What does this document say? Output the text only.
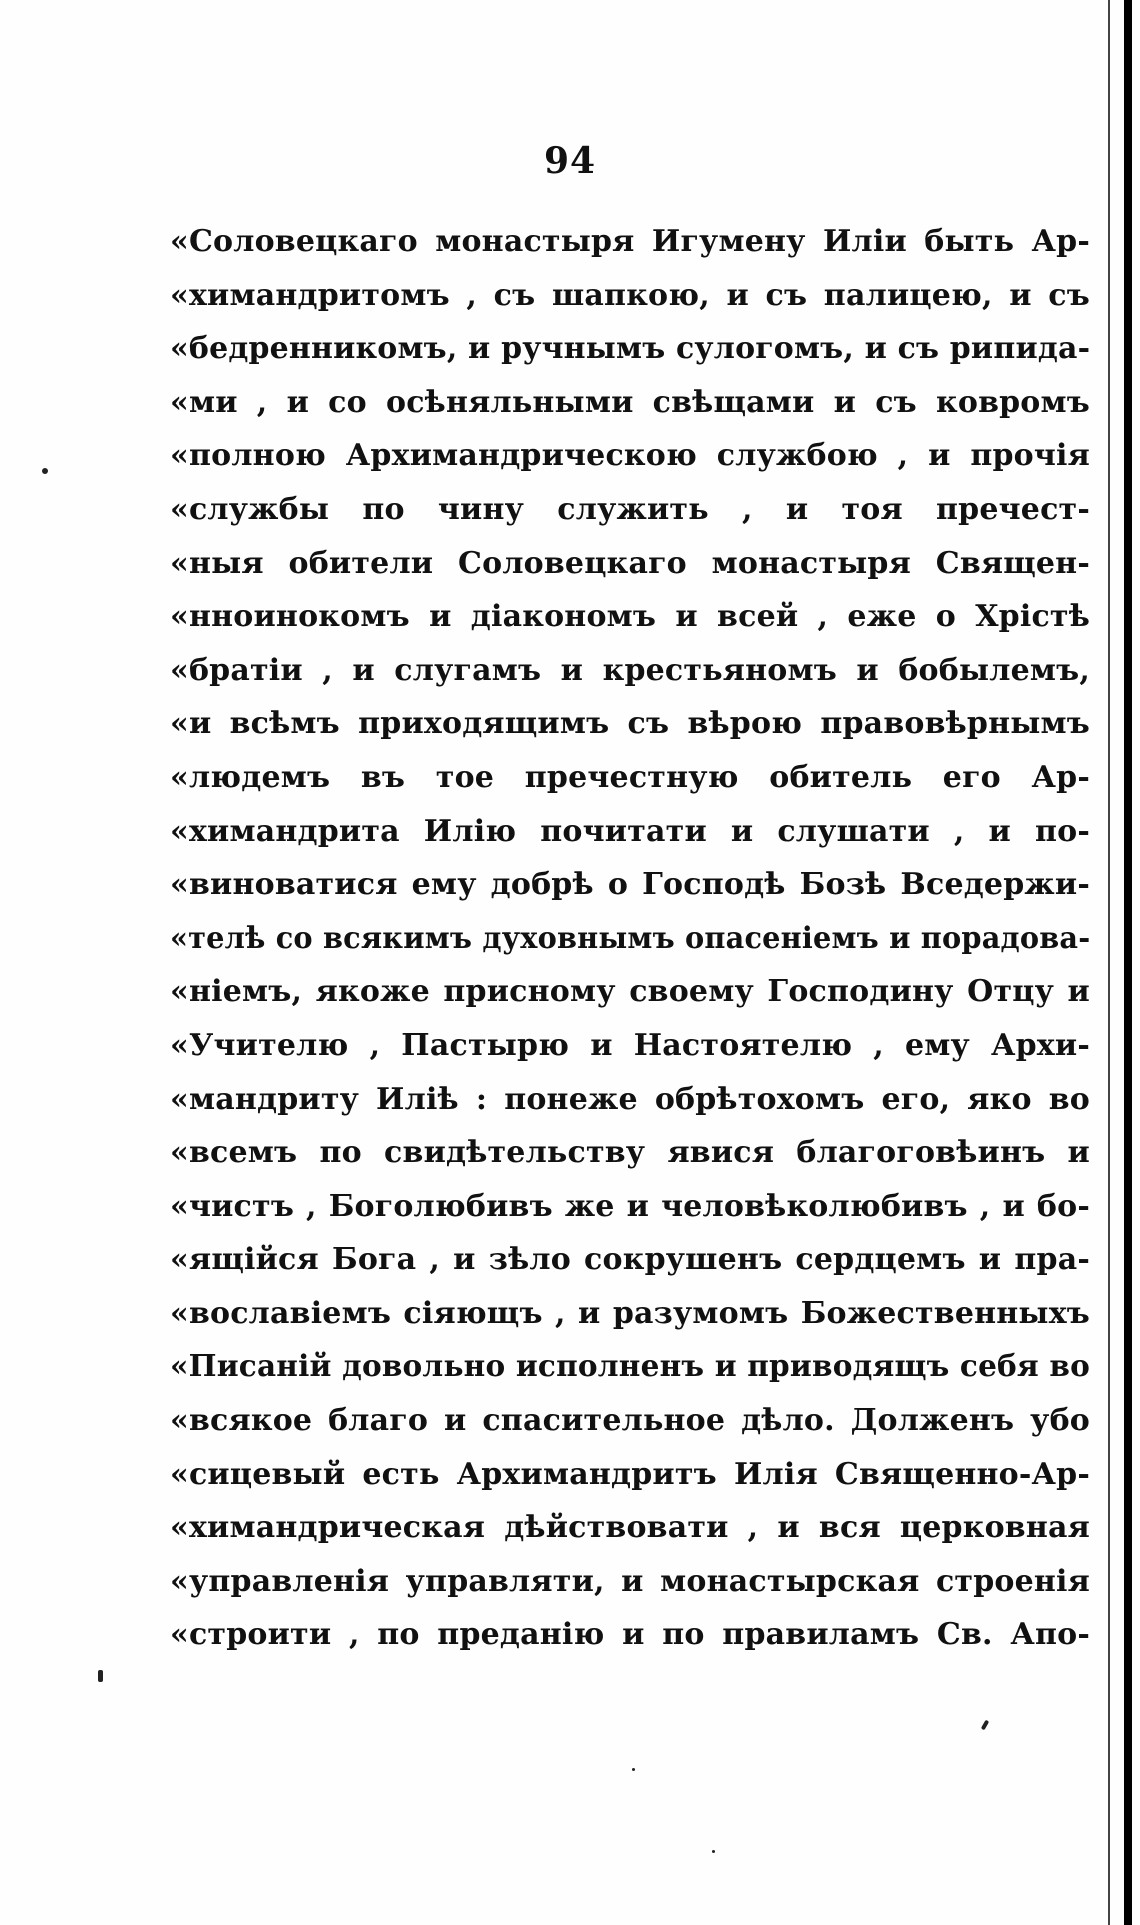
94
«Соловецкаго монастыря Игумену Иліи быть Ар-
«химандритомъ , съ шапкою, и съ палицею, и съ
«бедренникомъ, и ручнымъ сулогомъ, и съ рипида-
«ми , и со осѣняльными свѣщами и съ ковромъ
«полною Архимандрическою службою , и прочія
«службы по чину служить , и тоя пречест-
«ныя обители Соловецкаго монастыря Священ-
«нноинокомъ и діакономъ и всей , еже о Хрістѣ
«братіи , и слугамъ и крестьяномъ и бобылемъ,
«и всѣмъ приходящимъ съ вѣрою правовѣрнымъ
«людемъ въ тое пречестную обитель его Ар-
«химандрита Илію почитати и слушати , и по-
«виноватися ему добрѣ о Господѣ Бозѣ Вседержи-
«телѣ со всякимъ духовнымъ опасеніемъ и порадова-
«ніемъ, якоже присному своему Господину Отцу и
«Учителю , Пастырю и Настоятелю , ему Архи-
«мандриту Иліѣ : понеже обрѣтохомъ его, яко во
«всемъ по свидѣтельству явися благоговѣинъ и
«чистъ , Боголюбивъ же и человѣколюбивъ , и бо-
«ящійся Бога , и зѣло сокрушенъ сердцемъ и пра-
«вославіемъ сіяющъ , и разумомъ Божественныхъ
«Писаній довольно исполненъ и приводящъ себя во
«всякое благо и спасительное дѣло. Долженъ убо
«сицевый есть Архимандритъ Илія Священно-Ар-
«химандрическая дѣйствовати , и вся церковная
«управленія управляти, и монастырская строенія
«строити , по преданію и по правиламъ Св. Апо-
